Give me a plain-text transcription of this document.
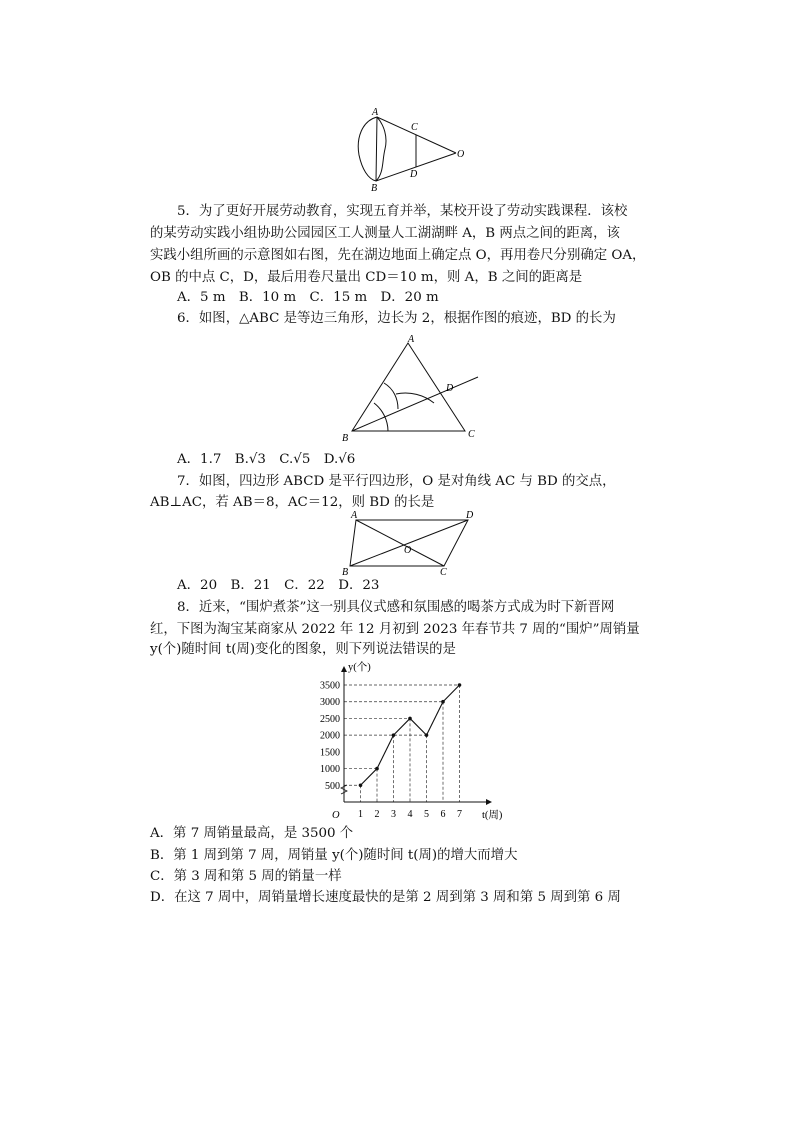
A
B
C
D
O
5．为了更好开展劳动教育，实现五育并举，某校开设了劳动实践课程．该校
的某劳动实践小组协助公园园区工人测量人工湖湖畔 A，B 两点之间的距离，该
实践小组所画的示意图如右图，先在湖边地面上确定点 O，再用卷尺分别确定 OA，
OB 的中点 C，D，最后用卷尺量出 CD＝10 m，则 A，B 之间的距离是
A．5 m　B．10 m　C．15 m　D．20 m
6．如图，△ABC 是等边三角形，边长为 2，根据作图的痕迹，BD 的长为
A
B	C
D
A．1.7　B.√3　C.√5　D.√6
7．如图，四边形 ABCD 是平行四边形，O 是对角线 AC 与 BD 的交点，
AB⊥AC，若 AB＝8，AC＝12，则 BD 的长是
A
B	C
D
O
A．20　B．21　C．22　D．23
8．近来，“围炉煮茶”这一别具仪式感和氛围感的喝茶方式成为时下新晋网
红，下图为淘宝某商家从 2022 年 12 月初到 2023 年春节共 7 周的“围炉”周销量
y(个)随时间 t(周)变化的图象，则下列说法错误的是
500
1000
1500
2000
2500
3000
3500
1 2 3 4 5 6 7
y(个)
t(周)
O
A．第 7 周销量最高，是 3500 个
B．第 1 周到第 7 周，周销量 y(个)随时间 t(周)的增大而增大
C．第 3 周和第 5 周的销量一样
D．在这 7 周中，周销量增长速度最快的是第 2 周到第 3 周和第 5 周到第 6 周
